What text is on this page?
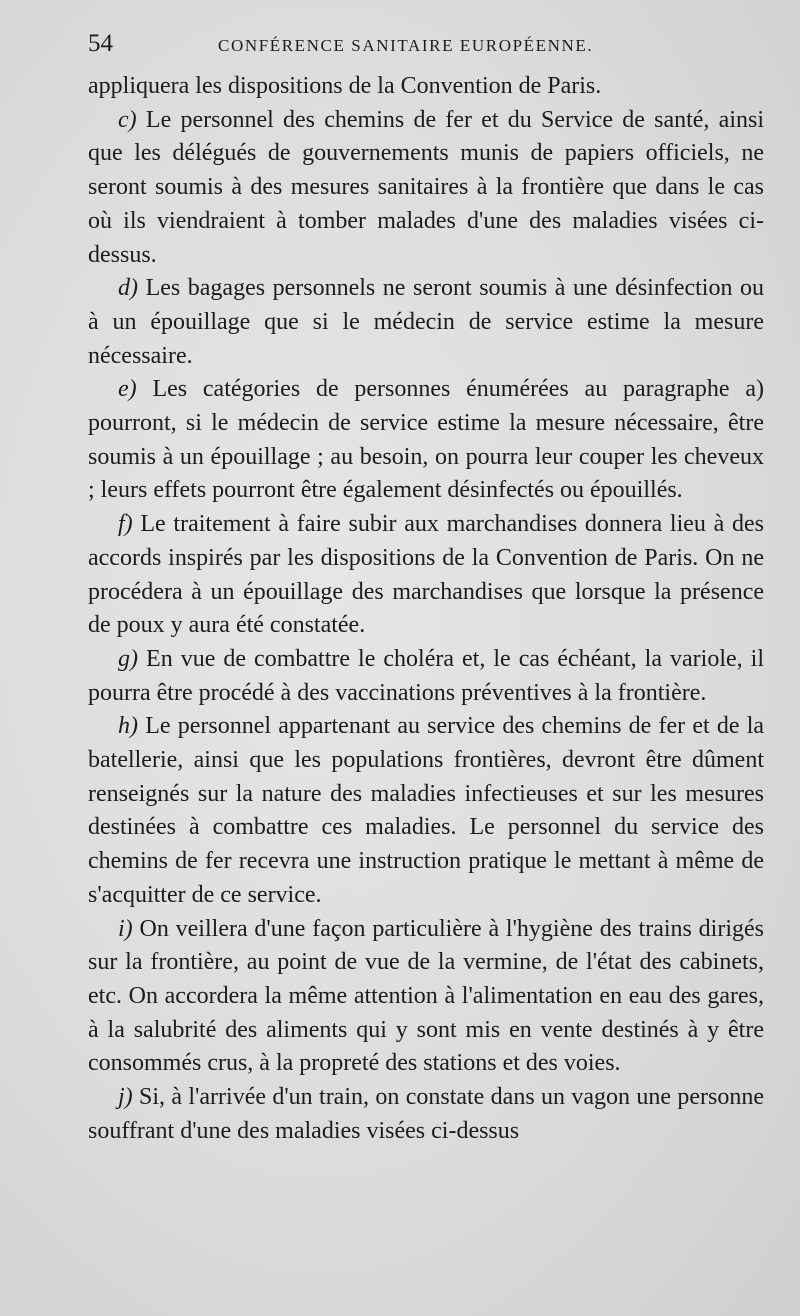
54	CONFÉRENCE SANITAIRE EUROPÉENNE.

appliquera les dispositions de la Convention de Paris.

c) Le personnel des chemins de fer et du Service de santé, ainsi que les délégués de gouvernements munis de papiers officiels, ne seront soumis à des mesures sanitaires à la frontière que dans le cas où ils viendraient à tomber malades d'une des maladies visées ci-dessus.

d) Les bagages personnels ne seront soumis à une désinfection ou à un épouillage que si le médecin de service estime la mesure nécessaire.

e) Les catégories de personnes énumérées au paragraphe a) pourront, si le médecin de service estime la mesure nécessaire, être soumis à un épouillage ; au besoin, on pourra leur couper les cheveux ; leurs effets pourront être également désinfectés ou épouillés.

f) Le traitement à faire subir aux marchandises donnera lieu à des accords inspirés par les dispositions de la Convention de Paris. On ne procédera à un épouillage des marchandises que lorsque la présence de poux y aura été constatée.

g) En vue de combattre le choléra et, le cas échéant, la variole, il pourra être procédé à des vaccinations préventives à la frontière.

h) Le personnel appartenant au service des chemins de fer et de la batellerie, ainsi que les populations frontières, devront être dûment renseignés sur la nature des maladies infectieuses et sur les mesures destinées à combattre ces maladies. Le personnel du service des chemins de fer recevra une instruction pratique le mettant à même de s'acquitter de ce service.

i) On veillera d'une façon particulière à l'hygiène des trains dirigés sur la frontière, au point de vue de la vermine, de l'état des cabinets, etc. On accordera la même attention à l'alimentation en eau des gares, à la salubrité des aliments qui y sont mis en vente destinés à y être consommés crus, à la propreté des stations et des voies.

j) Si, à l'arrivée d'un train, on constate dans un vagon une personne souffrant d'une des maladies visées ci-dessus
